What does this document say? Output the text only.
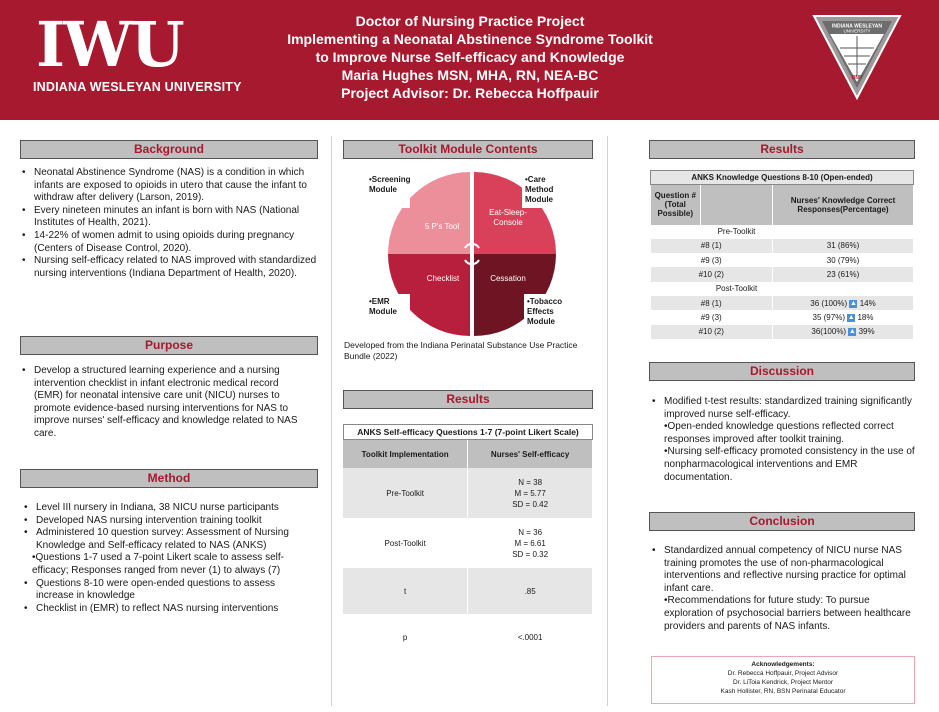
IWU
INDIANA WESLEYAN UNIVERSITY
Doctor of Nursing Practice Project
Implementing a Neonatal Abstinence Syndrome Toolkit
to Improve Nurse Self-efficacy and Knowledge
Maria Hughes MSN, MHA, RN, NEA-BC
Project Advisor: Dr. Rebecca Hoffpauir
INDIANA WESLEYAN
UNIVERSITY
DNP
Background
• Neonatal Abstinence Syndrome (NAS) is a condition in which infants are exposed to opioids in utero that cause the infant to withdraw after delivery (Larson, 2019).
• Every nineteen minutes an infant is born with NAS (National Institutes of Health, 2021).
• 14-22% of women admit to using opioids during pregnancy (Centers of Disease Control, 2020).
• Nursing self-efficacy related to NAS improved with standardized nursing interventions (Indiana Department of Health, 2020).
Purpose
• Develop a structured learning experience and a nursing intervention checklist in infant electronic medical record (EMR) for neonatal intensive care unit (NICU) nurses to promote evidence-based nursing interventions for NAS to improve nurses' self-efficacy and knowledge related to NAS care.
Method
• Level III nursery in Indiana, 38 NICU nurse participants
• Developed NAS nursing intervention training toolkit
• Administered 10 question survey: Assessment of Nursing Knowledge and Self-efficacy related to NAS (ANKS)
•Questions 1-7 used a 7-point Likert scale to assess self-efficacy; Responses ranged from never (1) to always (7)
• Questions 8-10 were open-ended questions to assess increase in knowledge
• Checklist in (EMR) to reflect NAS nursing interventions
Toolkit Module Contents
•Screening Module
•Care Method Module
•EMR Module
•Tobacco Effects Module
5 P's Tool
Eat-Sleep-Console
Checklist	Cessation
Developed from the Indiana Perinatal Substance Use Practice Bundle (2022)
Results
ANKS Self-efficacy Questions 1-7 (7-point Likert Scale)
Toolkit Implementation	Nurses' Self-efficacy
Pre-Toolkit	N = 38
M = 5.77
SD = 0.42
Post-Toolkit	N = 36
M = 6.61
SD = 0.32
t	.85
p	<.0001
Results
ANKS Knowledge Questions 8-10 (Open-ended)		
Question # (Total Possible)		Nurses' Knowledge Correct Responses(Percentage)
	Pre-Toolkit	
#8 (1)		31 (86%)
#9 (3)		30 (79%)
#10 (2)		23 (61%)
	Post-Toolkit	
#8 (1)		36 (100%) ▲ 14%
#9 (3)		35 (97%) ▲ 18%
#10 (2)		36(100%) ▲ 39%
Discussion
• Modified t-test results: standardized training significantly improved nurse self-efficacy.
•Open-ended knowledge questions reflected correct responses improved after toolkit training.
•Nursing self-efficacy promoted consistency in the use of nonpharmacological interventions and EMR documentation.
Conclusion
• Standardized annual competency of NICU nurse NAS training promotes the use of non-pharmacological interventions and reflective nursing practice for optimal infant care.
•Recommendations for future study: To pursue exploration of psychosocial barriers between healthcare providers and parents of NAS infants.
Acknowledgements:
Dr. Rebecca Hoffpauir, Project Advisor
Dr. LiToia Kendrick, Project Mentor
Kash Hollister, RN, BSN Perinatal Educator
